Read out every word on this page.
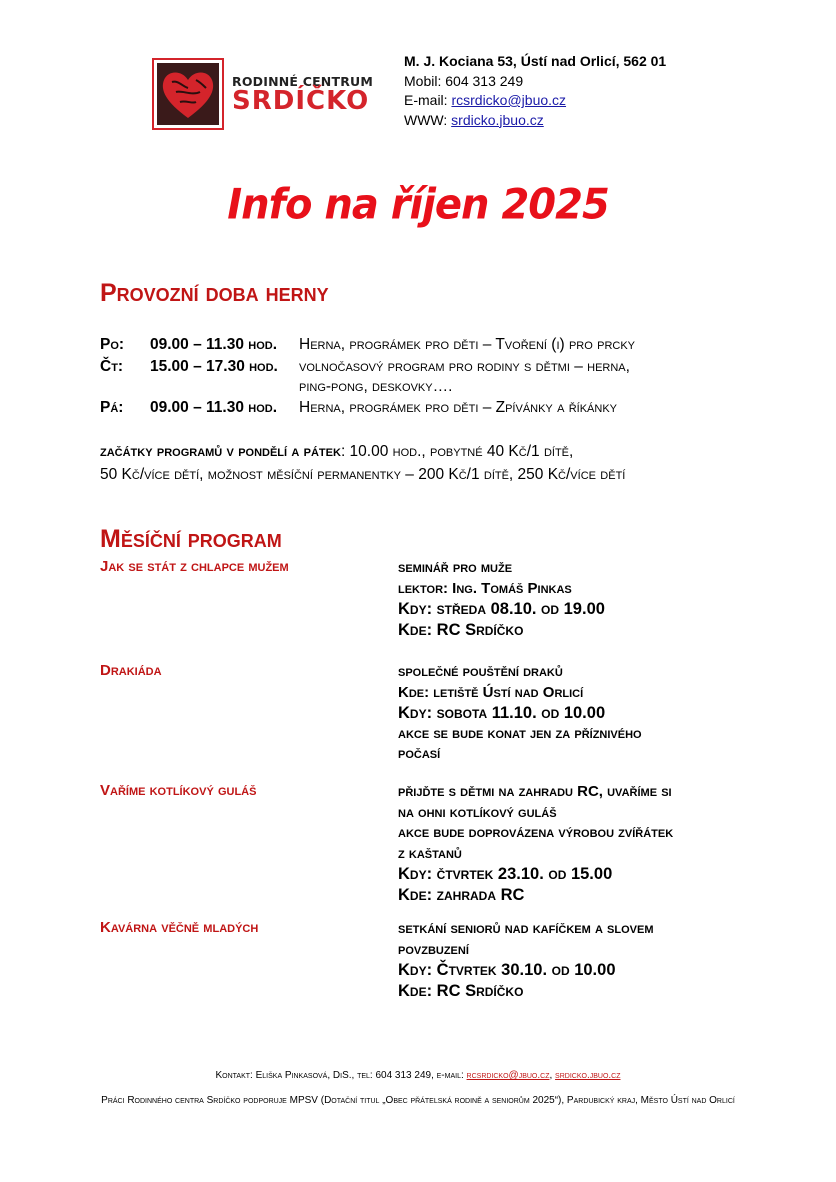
RODINNÉ CENTRUM
SRDÍČKO
M. J. Kociana 53, Ústí nad Orlicí, 562 01
Mobil: 604 313 249
E-mail: rcsrdicko@jbuo.cz
WWW: srdicko.jbuo.cz
Info na říjen 2025
Provozní doba herny
Po:	09.00 – 11.30 hod. Herna, prográmek pro děti – Tvoření (i) pro prcky
Čt:	15.00 – 17.30 hod. volnočasový program pro rodiny s dětmi – herna,
ping-pong, deskovky….
Pá:	09.00 – 11.30 hod. Herna, prográmek pro děti – Zpívánky a říkánky
začátky programů v pondělí a pátek: 10.00 hod., pobytné 40 Kč/1 dítě,
50 Kč/více dětí, možnost měsíční permanentky – 200 Kč/1 dítě, 250 Kč/více dětí
Měsíční program
Jak se stát z chlapce mužem	seminář pro muže
lektor: Ing. Tomáš Pinkas
Kdy: středa 08.10. od 19.00
Kde: RC Srdíčko
Drakiáda	společné pouštění draků
Kde: letiště Ústí nad Orlicí
Kdy: sobota 11.10. od 10.00
akce se bude konat jen za příznivého
počasí
Vaříme kotlíkový guláš	přijďte s dětmi na zahradu RC, uvaříme si
na ohni kotlíkový guláš
akce bude doprovázena výrobou zvířátek
z kaštanů
Kdy: čtvrtek 23.10. od 15.00
Kde: zahrada RC
Kavárna věčně mladých	setkání seniorů nad kafíčkem a slovem
povzbuzení
Kdy: Čtvrtek 30.10. od 10.00
Kde: RC Srdíčko
Kontakt: Eliška Pinkasová, DiS., tel: 604 313 249, e-mail: rcsrdicko@jbuo.cz, srdicko.jbuo.cz
Práci Rodinného centra Srdíčko podporuje MPSV (Dotační titul „Obec přátelská rodině a seniorům 2025“), Pardubický kraj, Město Ústí nad Orlicí
